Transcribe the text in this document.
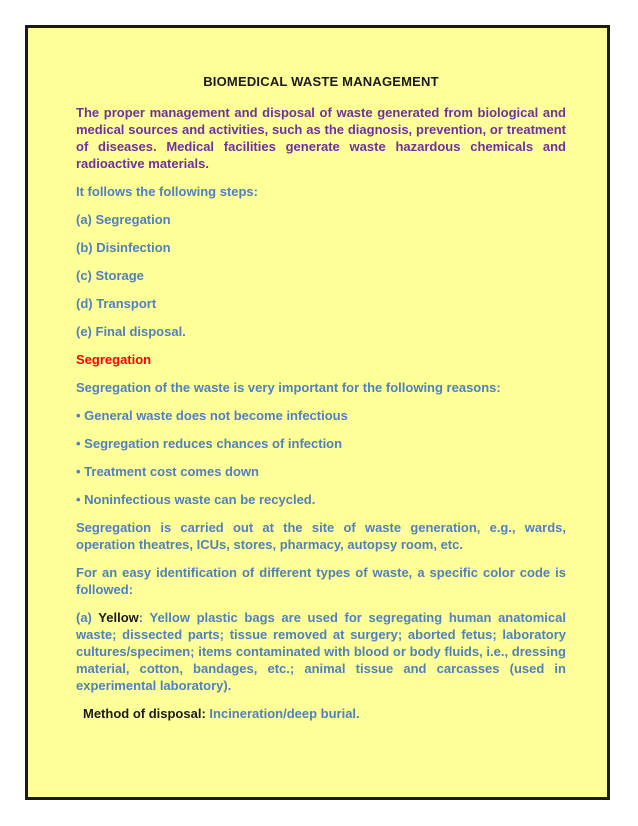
BIOMEDICAL WASTE MANAGEMENT

The proper management and disposal of waste generated from biological and medical sources and activities, such as the diagnosis, prevention, or treatment of diseases. Medical facilities generate waste hazardous chemicals and radioactive materials.

It follows the following steps:

(a) Segregation

(b) Disinfection

(c) Storage

(d) Transport

(e) Final disposal.

Segregation

Segregation of the waste is very important for the following reasons:

• General waste does not become infectious

• Segregation reduces chances of infection

• Treatment cost comes down

• Noninfectious waste can be recycled.

Segregation is carried out at the site of waste generation, e.g., wards, operation theatres, ICUs, stores, pharmacy, autopsy room, etc.

For an easy identification of different types of waste, a specific color code is followed:

(a) Yellow: Yellow plastic bags are used for segregating human anatomical waste; dissected parts; tissue removed at surgery; aborted fetus; laboratory cultures/specimen; items contaminated with blood or body fluids, i.e., dressing material, cotton, bandages, etc.; animal tissue and carcasses (used in experimental laboratory).

Method of disposal: Incineration/deep burial.
